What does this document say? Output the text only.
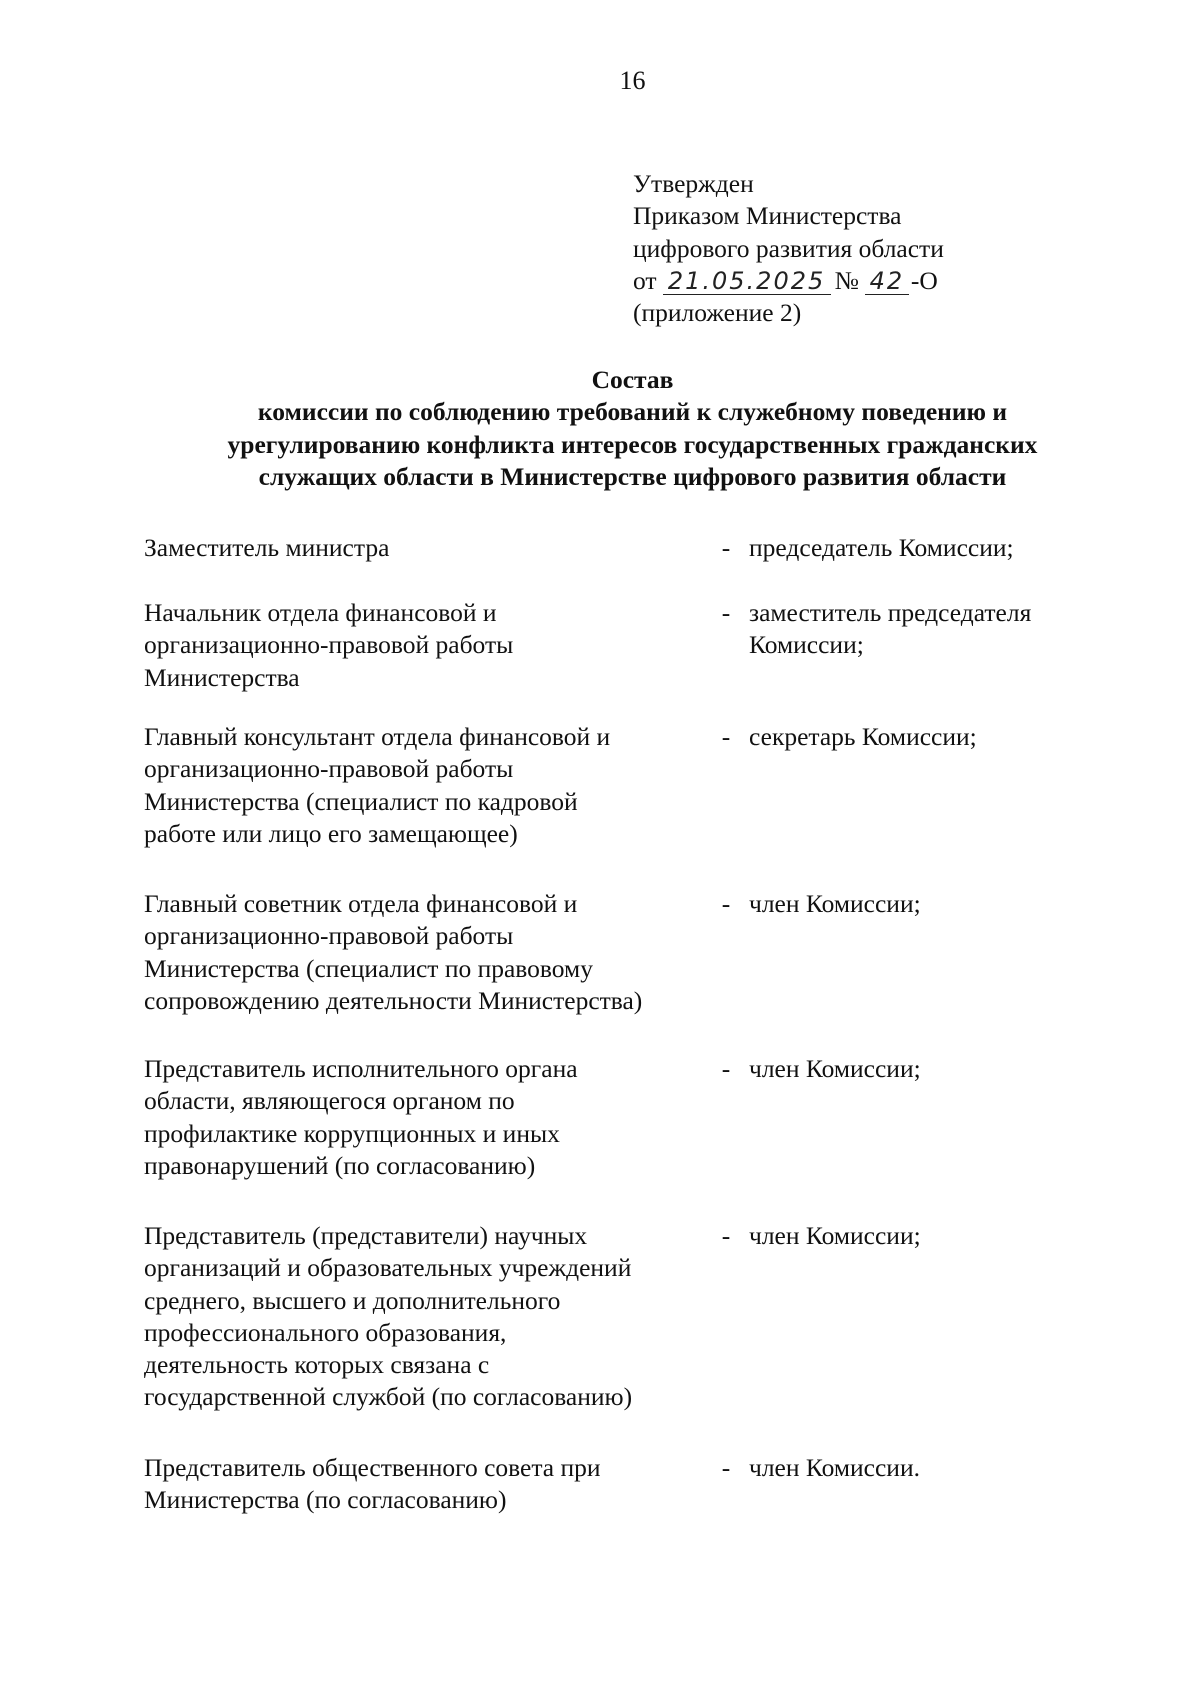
16
Утвержден
Приказом Министерства
цифрового развития области
от 21.05.2025 № 42 -О
(приложение 2)
Состав
комиссии по соблюдению требований к служебному поведению и
урегулированию конфликта интересов государственных гражданских
служащих области в Министерстве цифрового развития области
Заместитель министра	- председатель Комиссии;
Начальник отдела финансовой и
организационно-правовой работы
Министерства
- заместитель председателя
Комиссии;
Главный консультант отдела финансовой и
организационно-правовой работы
Министерства (специалист по кадровой
работе или лицо его замещающее)
- секретарь Комиссии;
Главный советник отдела финансовой и
организационно-правовой работы
Министерства (специалист по правовому
сопровождению деятельности Министерства)
- член Комиссии;
Представитель исполнительного органа
области, являющегося органом по
профилактике коррупционных и иных
правонарушений (по согласованию)
- член Комиссии;
Представитель (представители) научных
организаций и образовательных учреждений
среднего, высшего и дополнительного
профессионального образования,
деятельность которых связана с
государственной службой (по согласованию)
- член Комиссии;
Представитель общественного совета при
Министерства (по согласованию)
- член Комиссии.
